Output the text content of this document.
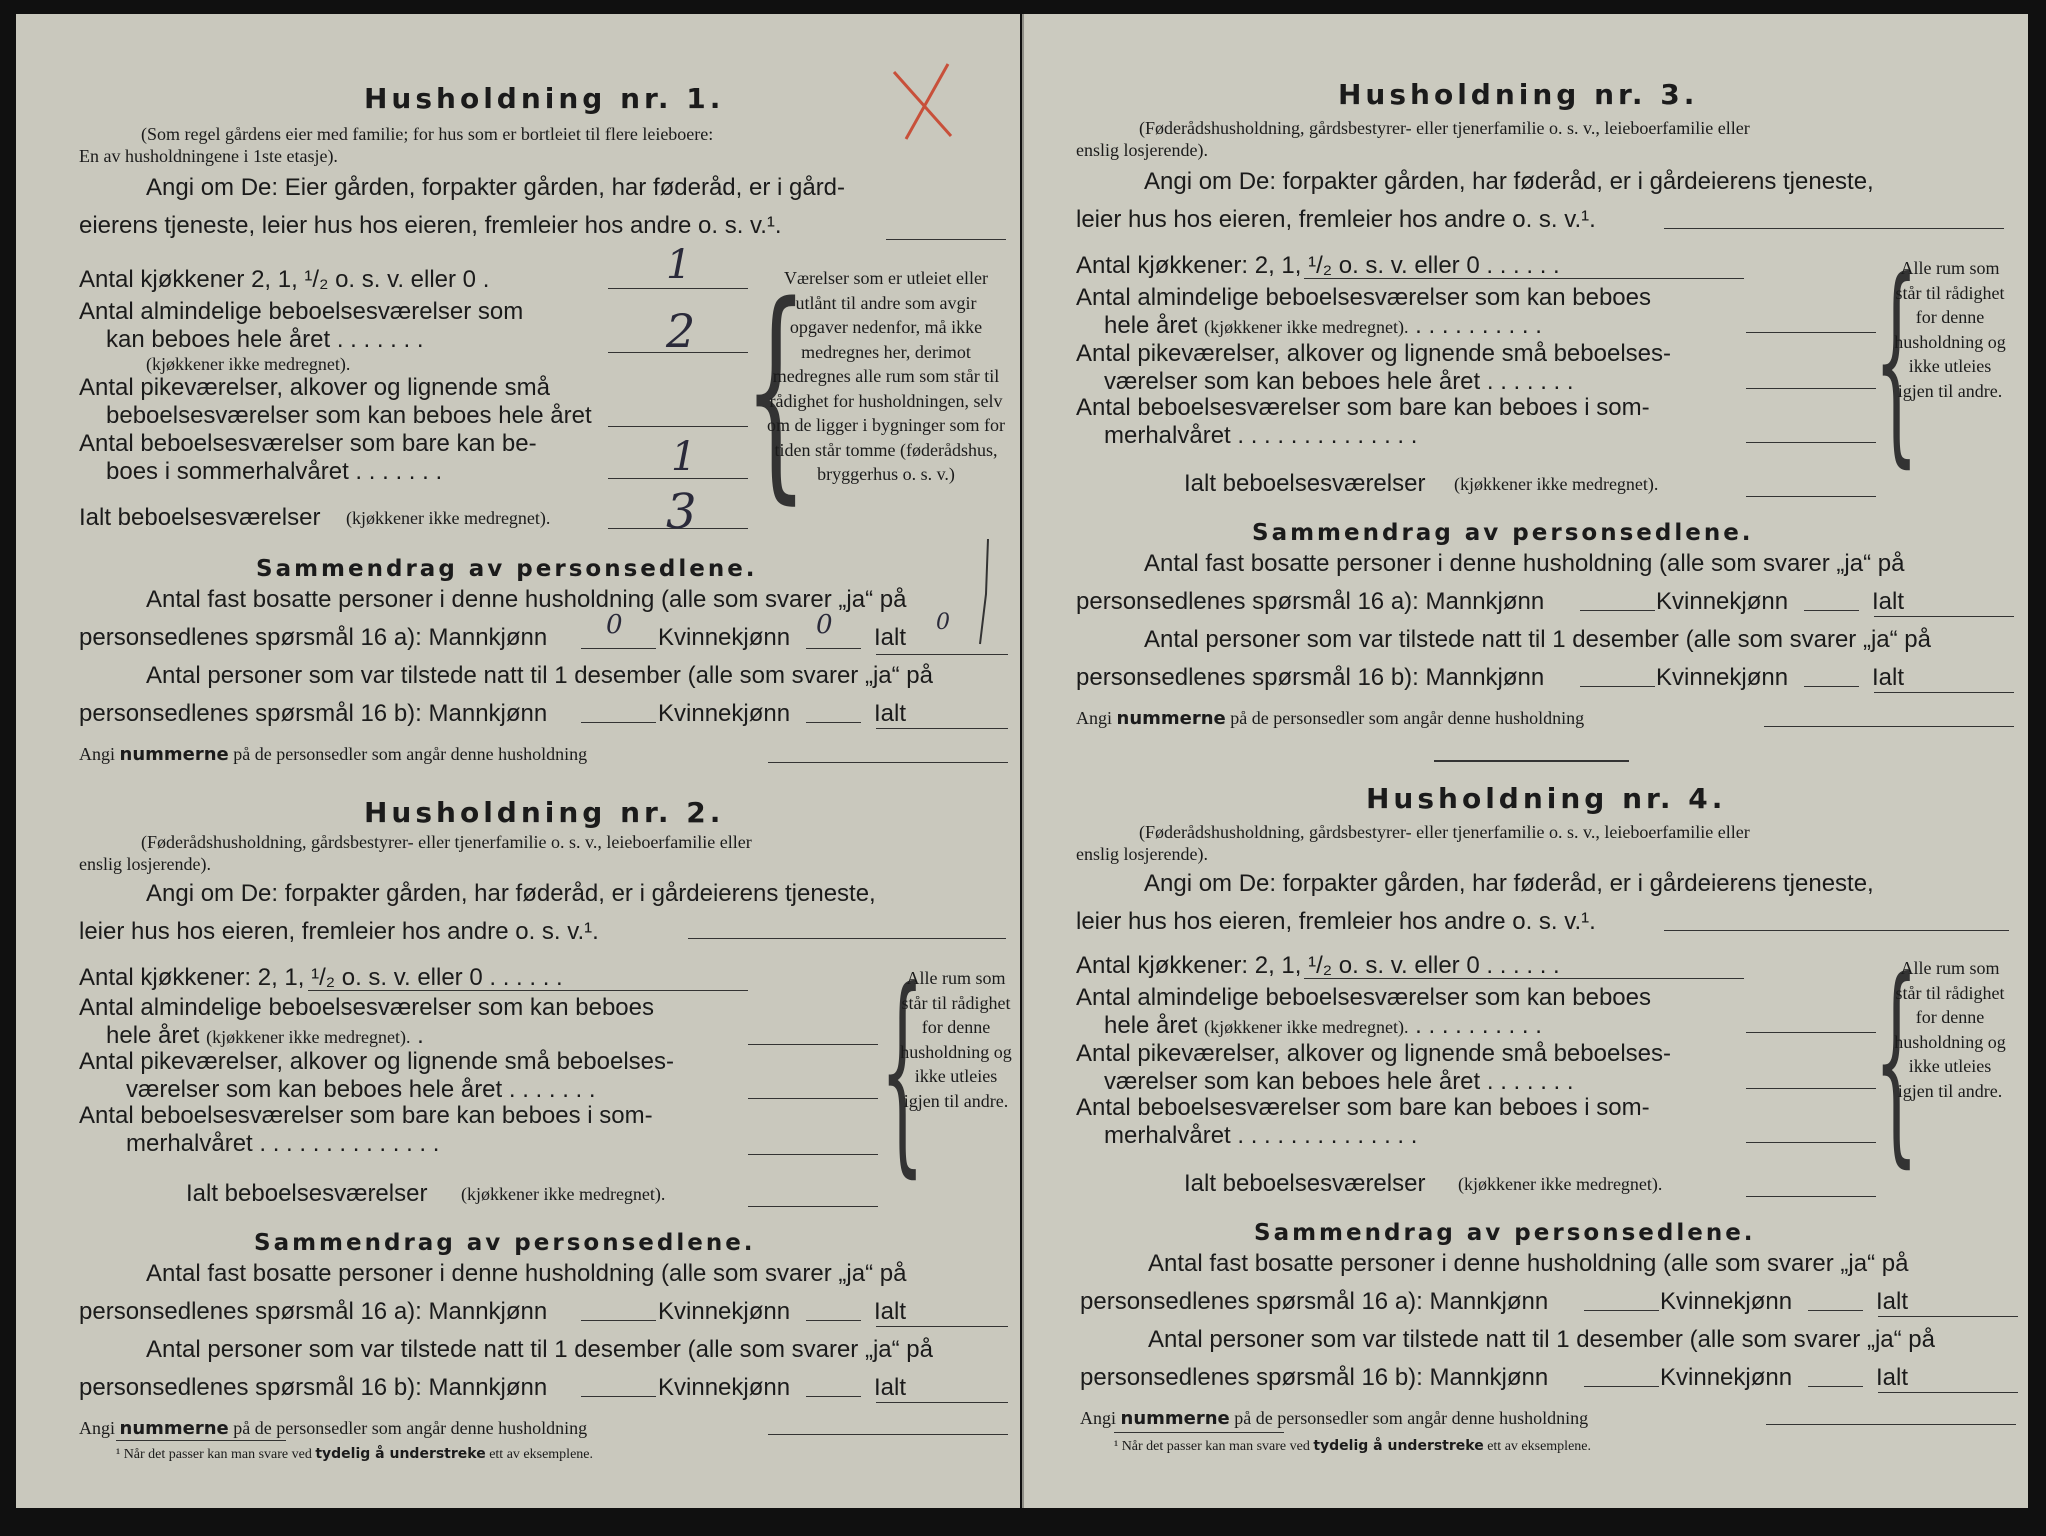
Husholdning nr. 1.
(Som regel gårdens eier med familie; for hus som er bortleiet til flere leieboere:
En av husholdningene i 1ste etasje).
Angi om De: Eier gården, forpakter gården, har føderåd, er i gård-
eierens tjeneste, leier hus hos eieren, fremleier hos andre o. s. v.¹.
Antal kjøkkener 2, 1, ¹/₂ o. s. v. eller 0 .	1
Antal almindelige beboelsesværelser som
kan beboes hele året . . . . . . .
(kjøkkener ikke medregnet).
2
Antal pikeværelser, alkover og lignende små
beboelsesværelser som kan beboes hele året
Antal beboelsesværelser som bare kan be-
boes i sommerhalvåret . . . . . . .	1
Ialt beboelsesværelser (kjøkkener ikke medregnet). 3 {
Værelser som er utleiet eller utlånt til andre som avgir opgaver nedenfor, må ikke medregnes her, derimot medregnes alle rum som står til rådighet for husholdningen, selv om de ligger i bygninger som for tiden står tomme (føderådshus, bryggerhus o. s. v.)
Sammendrag av personsedlene.
Antal fast bosatte personer i denne husholdning (alle som svarer „ja“ på
personsedlenes spørsmål 16 a): Mannkjønn 0 Kvinnekjønn 0 Ialt
0
Antal personer som var tilstede natt til 1 desember (alle som svarer „ja“ på
personsedlenes spørsmål 16 b): Mannkjønn	Kvinnekjønn	Ialt
Angi nummerne på de personsedler som angår denne husholdning
Husholdning nr. 2.
(Føderådshusholdning, gårdsbestyrer- eller tjenerfamilie o. s. v., leieboerfamilie eller
enslig losjerende).
Angi om De: forpakter gården, har føderåd, er i gårdeierens tjeneste,
leier hus hos eieren, fremleier hos andre o. s. v.¹.
Antal kjøkkener: 2, 1, ¹/₂ o. s. v. eller 0 . . . . . .
Antal almindelige beboelsesværelser som kan beboes
hele året (kjøkkener ikke medregnet). .
Antal pikeværelser, alkover og lignende små beboelses-
værelser som kan beboes hele året . . . . . . .
Antal beboelsesværelser som bare kan beboes i som-
merhalvåret . . . . . . . . . . . . . .
Ialt beboelsesværelser (kjøkkener ikke medregnet).	{
Alle rum som står til rådighet for denne husholdning og ikke utleies igjen til andre.
Sammendrag av personsedlene.
Antal fast bosatte personer i denne husholdning (alle som svarer „ja“ på
personsedlenes spørsmål 16 a): Mannkjønn	Kvinnekjønn	Ialt
Antal personer som var tilstede natt til 1 desember (alle som svarer „ja“ på
personsedlenes spørsmål 16 b): Mannkjønn	Kvinnekjønn	Ialt
Angi nummerne på de personsedler som angår denne husholdning
¹ Når det passer kan man svare ved tydelig å understreke ett av eksemplene.
Husholdning nr. 3.
(Føderådshusholdning, gårdsbestyrer- eller tjenerfamilie o. s. v., leieboerfamilie eller
enslig losjerende).
Angi om De: forpakter gården, har føderåd, er i gårdeierens tjeneste,
leier hus hos eieren, fremleier hos andre o. s. v.¹.
Antal kjøkkener: 2, 1, ¹/₂ o. s. v. eller 0 . . . . . .
Antal almindelige beboelsesværelser som kan beboes
hele året (kjøkkener ikke medregnet). . . . . . . . . . .
Antal pikeværelser, alkover og lignende små beboelses-
værelser som kan beboes hele året . . . . . . .
Antal beboelsesværelser som bare kan beboes i som-
merhalvåret . . . . . . . . . . . . . .
Ialt beboelsesværelser (kjøkkener ikke medregnet).	{
Alle rum som står til rådighet for denne husholdning og ikke utleies igjen til andre.
Sammendrag av personsedlene.
Antal fast bosatte personer i denne husholdning (alle som svarer „ja“ på
personsedlenes spørsmål 16 a): Mannkjønn	Kvinnekjønn	Ialt
Antal personer som var tilstede natt til 1 desember (alle som svarer „ja“ på
personsedlenes spørsmål 16 b): Mannkjønn	Kvinnekjønn	Ialt
Angi nummerne på de personsedler som angår denne husholdning
Husholdning nr. 4.
(Føderådshusholdning, gårdsbestyrer- eller tjenerfamilie o. s. v., leieboerfamilie eller
enslig losjerende).
Angi om De: forpakter gården, har føderåd, er i gårdeierens tjeneste,
leier hus hos eieren, fremleier hos andre o. s. v.¹.
Antal kjøkkener: 2, 1, ¹/₂ o. s. v. eller 0 . . . . . .
Antal almindelige beboelsesværelser som kan beboes
hele året (kjøkkener ikke medregnet). . . . . . . . . . .
Antal pikeværelser, alkover og lignende små beboelses-
værelser som kan beboes hele året . . . . . . .
Antal beboelsesværelser som bare kan beboes i som-
merhalvåret . . . . . . . . . . . . . .
Ialt beboelsesværelser (kjøkkener ikke medregnet).	{
Alle rum som står til rådighet for denne husholdning og ikke utleies igjen til andre.
Sammendrag av personsedlene.
Antal fast bosatte personer i denne husholdning (alle som svarer „ja“ på
personsedlenes spørsmål 16 a): Mannkjønn	Kvinnekjønn	Ialt
Antal personer som var tilstede natt til 1 desember (alle som svarer „ja“ på
personsedlenes spørsmål 16 b): Mannkjønn	Kvinnekjønn	Ialt
Angi nummerne på de personsedler som angår denne husholdning
¹ Når det passer kan man svare ved tydelig å understreke ett av eksemplene.
